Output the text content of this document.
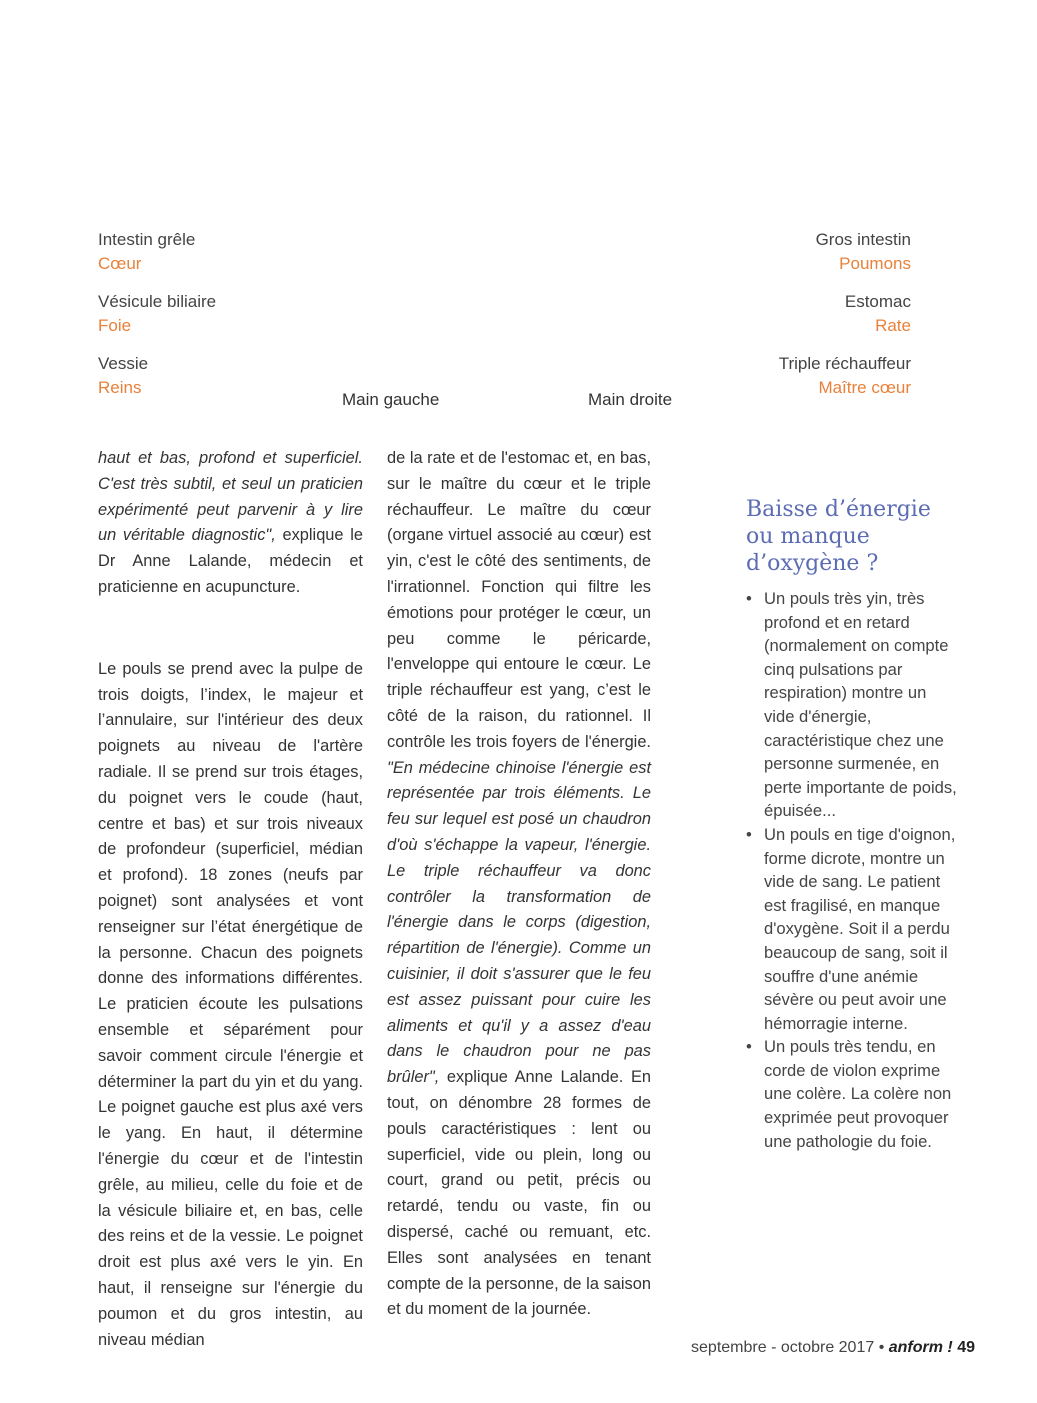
Intestin grêle
Cœur
Vésicule biliaire
Foie
Vessie
Reins
Gros intestin
Poumons
Estomac
Rate
Triple réchauffeur
Maître cœur
Main gauche	Main droite

haut et bas, profond et superficiel. C'est très subtil, et seul un praticien expérimenté peut parvenir à y lire un véritable diagnostic", explique le Dr Anne Lalande, médecin et praticienne en acupuncture.

Le pouls se prend avec la pulpe de trois doigts, l’index, le majeur et l’annulaire, sur l'intérieur des deux poignets au niveau de l'artère radiale. Il se prend sur trois étages, du poignet vers le coude (haut, centre et bas) et sur trois niveaux de profondeur (superficiel, médian et profond). 18 zones (neufs par poignet) sont analysées et vont renseigner sur l’état énergétique de la personne. Chacun des poignets donne des informations différentes. Le praticien écoute les pulsations ensemble et séparément pour savoir comment circule l'énergie et déterminer la part du yin et du yang. Le poignet gauche est plus axé vers le yang. En haut, il détermine l'énergie du cœur et de l'intestin grêle, au milieu, celle du foie et de la vésicule biliaire et, en bas, celle des reins et de la vessie. Le poignet droit est plus axé vers le yin. En haut, il renseigne sur l'énergie du poumon et du gros intestin, au niveau médian

de la rate et de l'estomac et, en bas, sur le maître du cœur et le triple réchauffeur. Le maître du cœur (organe virtuel associé au cœur) est yin, c'est le côté des sentiments, de l'irrationnel. Fonction qui filtre les émotions pour protéger le cœur, un peu comme le péricarde, l'enveloppe qui entoure le cœur. Le triple réchauffeur est yang, c’est le côté de la raison, du rationnel. Il contrôle les trois foyers de l'énergie. "En médecine chinoise l'énergie est représentée par trois éléments. Le feu sur lequel est posé un chaudron d'où s'échappe la vapeur, l'énergie. Le triple réchauffeur va donc contrôler la transformation de l'énergie dans le corps (digestion, répartition de l'énergie). Comme un cuisinier, il doit s'assurer que le feu est assez puissant pour cuire les aliments et qu'il y a assez d'eau dans le chaudron pour ne pas brûler", explique Anne Lalande. En tout, on dénombre 28 formes de pouls caractéristiques : lent ou superficiel, vide ou plein, long ou court, grand ou petit, précis ou retardé, tendu ou vaste, fin ou dispersé, caché ou remuant, etc. Elles sont analysées en tenant compte de la personne, de la saison et du moment de la journée.

Baisse d’énergie ou manque d’oxygène ?
• Un pouls très yin, très profond et en retard (normalement on compte cinq pulsations par respiration) montre un vide d'énergie, caractéristique chez une personne surmenée, en perte importante de poids, épuisée...
• Un pouls en tige d'oignon, forme dicrote, montre un vide de sang. Le patient est fragilisé, en manque d'oxygène. Soit il a perdu beaucoup de sang, soit il souffre d'une anémie sévère ou peut avoir une hémorragie interne.
• Un pouls très tendu, en corde de violon exprime une colère. La colère non exprimée peut provoquer une pathologie du foie.
septembre - octobre 2017 • anform ! 49
